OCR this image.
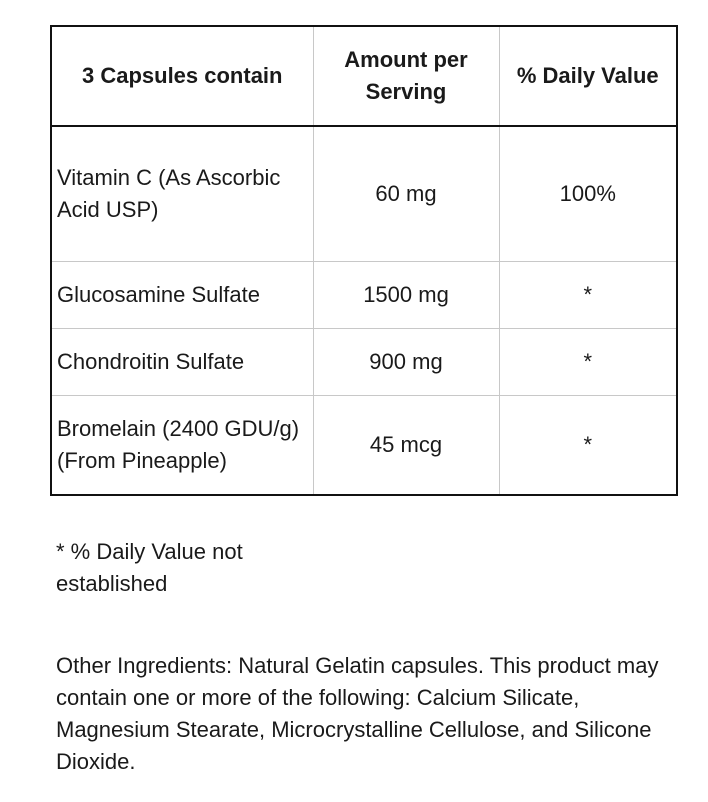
3 Capsules contain	Amount per Serving	% Daily Value
Vitamin C (As Ascorbic Acid USP)	60 mg	100%
Glucosamine Sulfate	1500 mg	*
Chondroitin Sulfate	900 mg	*
Bromelain (2400 GDU/g) (From Pineapple)	45 mcg	*
* % Daily Value not established
Other Ingredients: Natural Gelatin capsules. This product may contain one or more of the following: Calcium Silicate, Magnesium Stearate, Microcrystalline Cellulose, and Silicone Dioxide.
